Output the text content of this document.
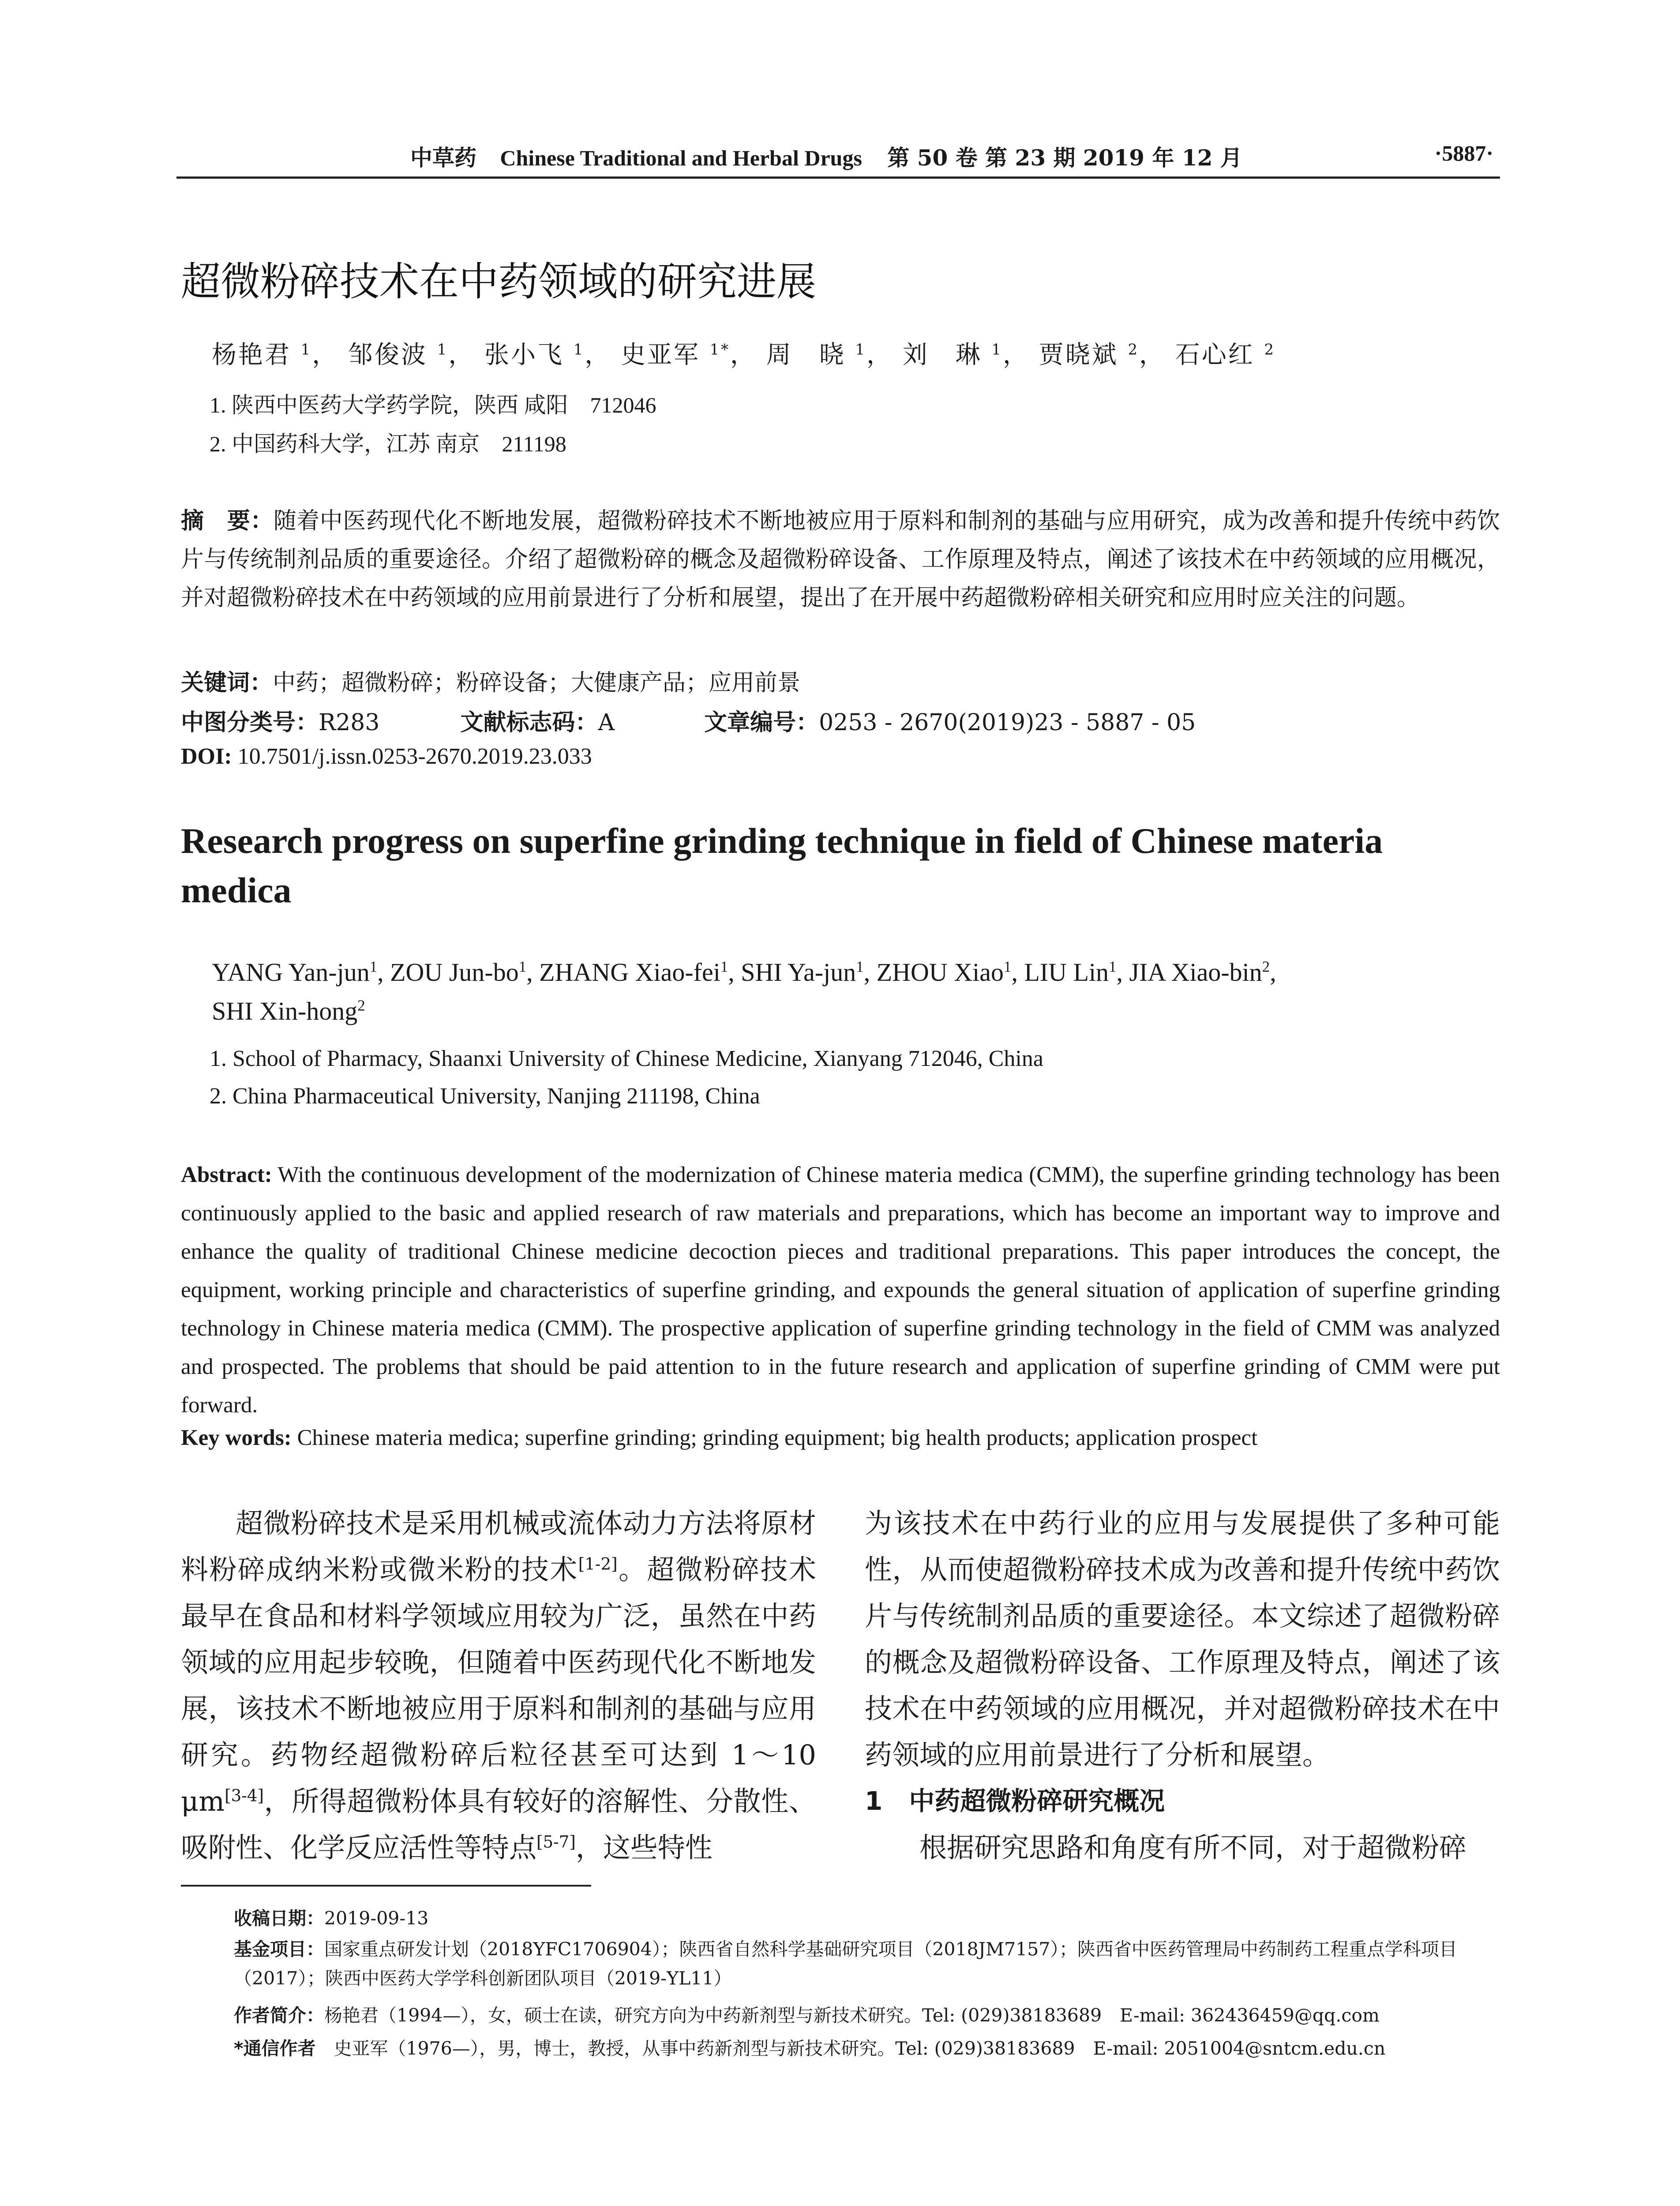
中草药 Chinese Traditional and Herbal Drugs 第 50 卷 第 23 期 2019 年 12 月	·5887·
超微粉碎技术在中药领域的研究进展
杨艳君 $^1$， 邹俊波 $^1$， 张小飞 $^1$， 史亚军 $^{1*}$， 周　晓 $^1$， 刘　琳 $^1$， 贾晓斌 $^2$， 石心红 $^2$
1. 陕西中医药大学药学院，陕西 咸阳　712046
2. 中国药科大学，江苏 南京　211198
摘　要：随着中医药现代化不断地发展，超微粉碎技术不断地被应用于原料和制剂的基础与应用研究，成为改善和提升传统中药饮片与传统制剂品质的重要途径。介绍了超微粉碎的概念及超微粉碎设备、工作原理及特点，阐述了该技术在中药领域的应用概况，并对超微粉碎技术在中药领域的应用前景进行了分析和展望，提出了在开展中药超微粉碎相关研究和应用时应关注的问题。
关键词：中药；超微粉碎；粉碎设备；大健康产品；应用前景
中图分类号：R283	文献标志码：A	文章编号：0253 - 2670(2019)23 - 5887 - 05
DOI: 10.7501/j.issn.0253-2670.2019.23.033
Research progress on superfine grinding technique in field of Chinese materia medica
YANG Yan-jun$^1$, ZOU Jun-$bo^1$, ZHANG Xiao-fei$^1$, SHI Ya-jun$^1$, ZHOU Xiao$^1$, LIU Lin$^1$, JIA Xiao-bin$^2$,
SHI Xin-hong$^2$
1. School of Pharmacy, Shaanxi University of Chinese Medicine, Xianyang 712046, China
2. China Pharmaceutical University, Nanjing 211198, China
Abstract: With the continuous development of the modernization of Chinese materia medica (CMM), the superfine grinding technology has been continuously applied to the basic and applied research of raw materials and preparations, which has become an important way to improve and enhance the quality of traditional Chinese medicine decoction pieces and traditional preparations. This paper introduces the concept, the equipment, working principle and characteristics of superfine grinding, and expounds the general situation of application of superfine grinding technology in Chinese materia medica (CMM). The prospective application of superfine grinding technology in the field of CMM was analyzed and prospected. The problems that should be paid attention to in the future research and application of superfine grinding of CMM were put forward.
Key words: Chinese materia medica; superfine grinding; grinding equipment; big health products; application prospect
超微粉碎技术是采用机械或流体动力方法将原材料粉碎成纳米粉或微米粉的技术[1-2]。超微粉碎技术最早在食品和材料学领域应用较为广泛，虽然在中药领域的应用起步较晚，但随着中医药现代化不断地发展，该技术不断地被应用于原料和制剂的基础与应用研究。药物经超微粉碎后粒径甚至可达到 1～10 μm[3-4]，所得超微粉体具有较好的溶解性、分散性、吸附性、化学反应活性等特点[5-7]，这些特性
为该技术在中药行业的应用与发展提供了多种可能性，从而使超微粉碎技术成为改善和提升传统中药饮片与传统制剂品质的重要途径。本文综述了超微粉碎的概念及超微粉碎设备、工作原理及特点，阐述了该技术在中药领域的应用概况，并对超微粉碎技术在中药领域的应用前景进行了分析和展望。
1 中药超微粉碎研究概况
根据研究思路和角度有所不同，对于超微粉碎
收稿日期：2019-09-13
基金项目：国家重点研发计划（2018YFC1706904）；陕西省自然科学基础研究项目（2018JM7157）；陕西省中医药管理局中药制药工程重点学科项目（2017）；陕西中医药大学学科创新团队项目（2019-YL11）
作者简介：杨艳君（1994—），女，硕士在读，研究方向为中药新剂型与新技术研究。Tel: (029)38183689　E-mail: 362436459@qq.com
*通信作者　 史亚军（1976—），男，博士，教授，从事中药新剂型与新技术研究。Tel: (029)38183689　E-mail: 2051004@sntcm.edu.cn
